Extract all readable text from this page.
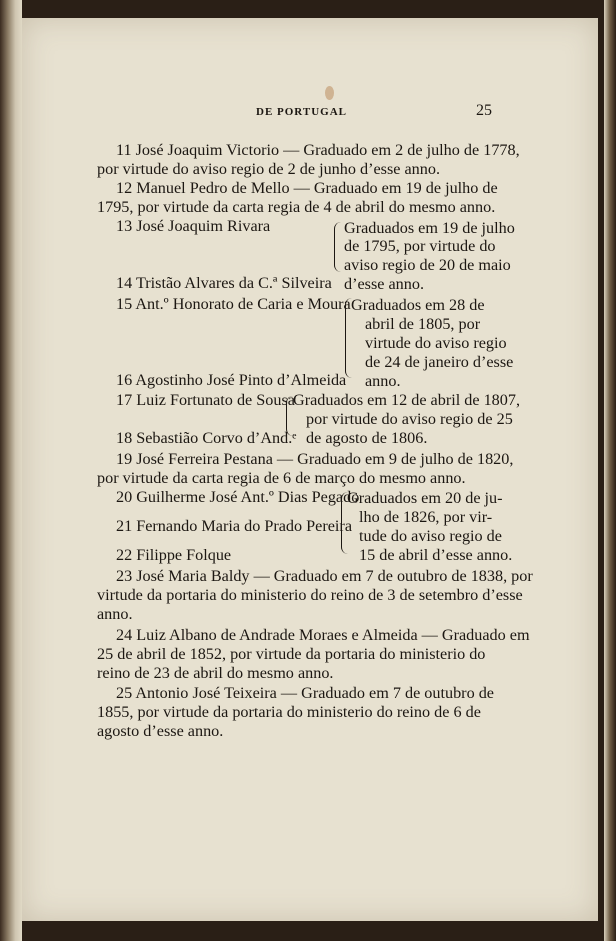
DE PORTUGAL	25
11 José Joaquim Victorio — Graduado em 2 de julho de 1778,
por virtude do aviso regio de 2 de junho d’esse anno.
12 Manuel Pedro de Mello — Graduado em 19 de julho de
1795, por virtude da carta regia de 4 de abril do mesmo anno.
13 José Joaquim Rivara
14 Tristão Alvares da C.ª Silveira
Graduados em 19 de julho
de 1795, por virtude do
aviso regio de 20 de maio
d’esse anno.
15 Ant.º Honorato de Caria e Moura
16 Agostinho José Pinto d’Almeida
Graduados em 28 de
abril de 1805, por
virtude do aviso regio
de 24 de janeiro d’esse
anno.
17 Luiz Fortunato de Sousa
18 Sebastião Corvo d’And.ᵉ
Graduados em 12 de abril de 1807,
por virtude do aviso regio de 25
de agosto de 1806.
19 José Ferreira Pestana — Graduado em 9 de julho de 1820,
por virtude da carta regia de 6 de março do mesmo anno.
20 Guilherme José Ant.º Dias Pegado
21 Fernando Maria do Prado Pereira
22 Filippe Folque
Graduados em 20 de ju-
lho de 1826, por vir-
tude do aviso regio de
15 de abril d’esse anno.
23 José Maria Baldy — Graduado em 7 de outubro de 1838, por
virtude da portaria do ministerio do reino de 3 de setembro d’esse
anno.
24 Luiz Albano de Andrade Moraes e Almeida — Graduado em
25 de abril de 1852, por virtude da portaria do ministerio do
reino de 23 de abril do mesmo anno.
25 Antonio José Teixeira — Graduado em 7 de outubro de
1855, por virtude da portaria do ministerio do reino de 6 de
agosto d’esse anno.
